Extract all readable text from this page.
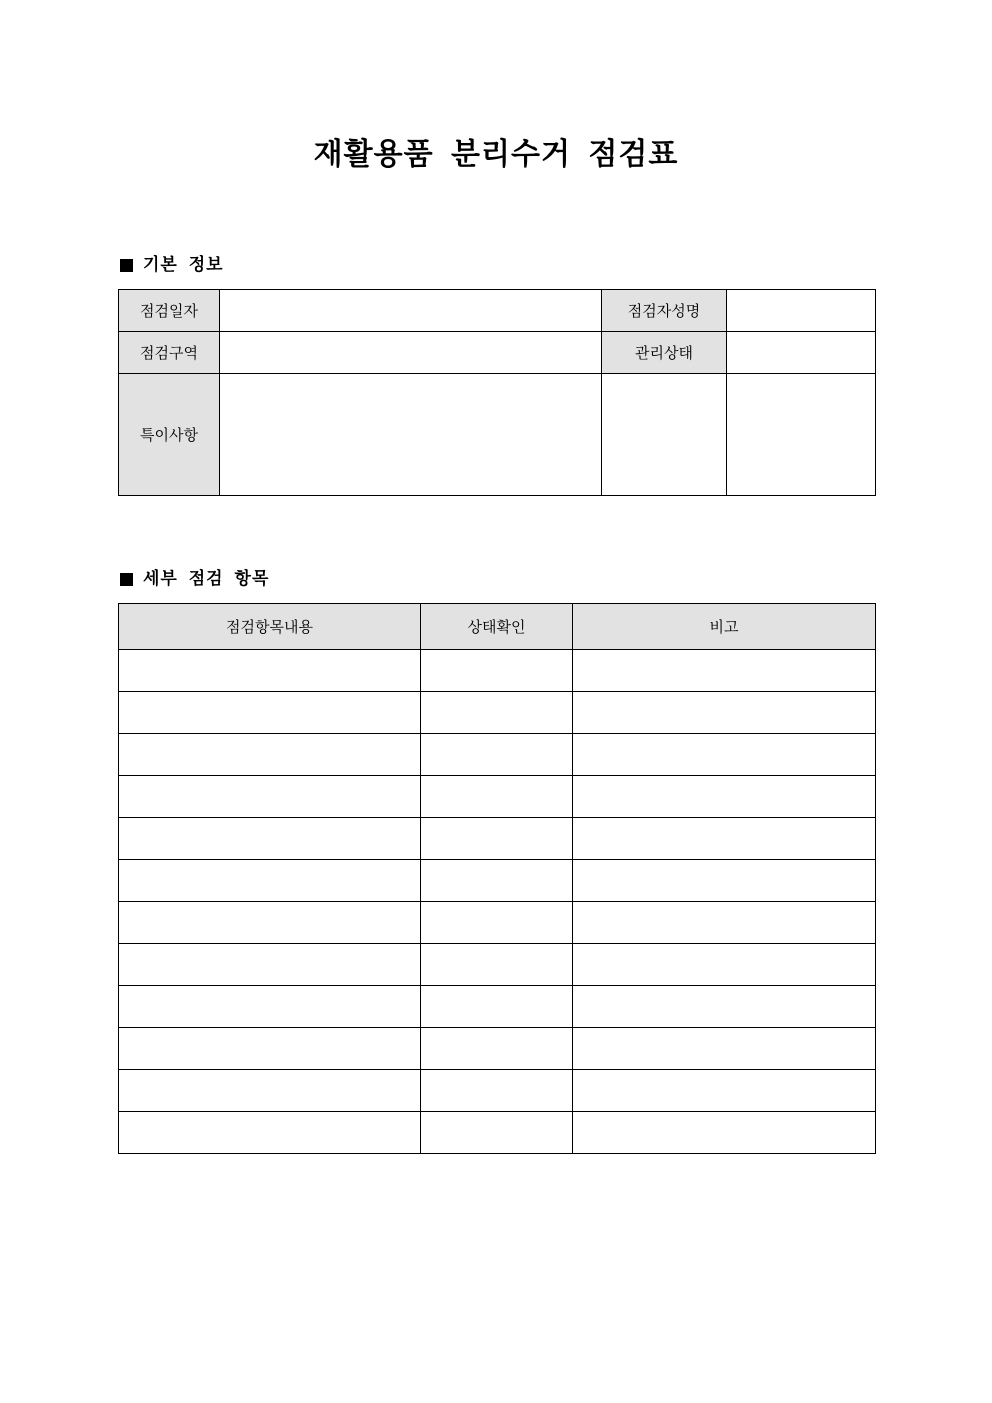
재활용품 분리수거 점검표
기본 정보
점검일자		점검자성명	
점검구역		관리상태	
특이사항			
세부 점검 항목
점검항목내용	상태확인	비고
